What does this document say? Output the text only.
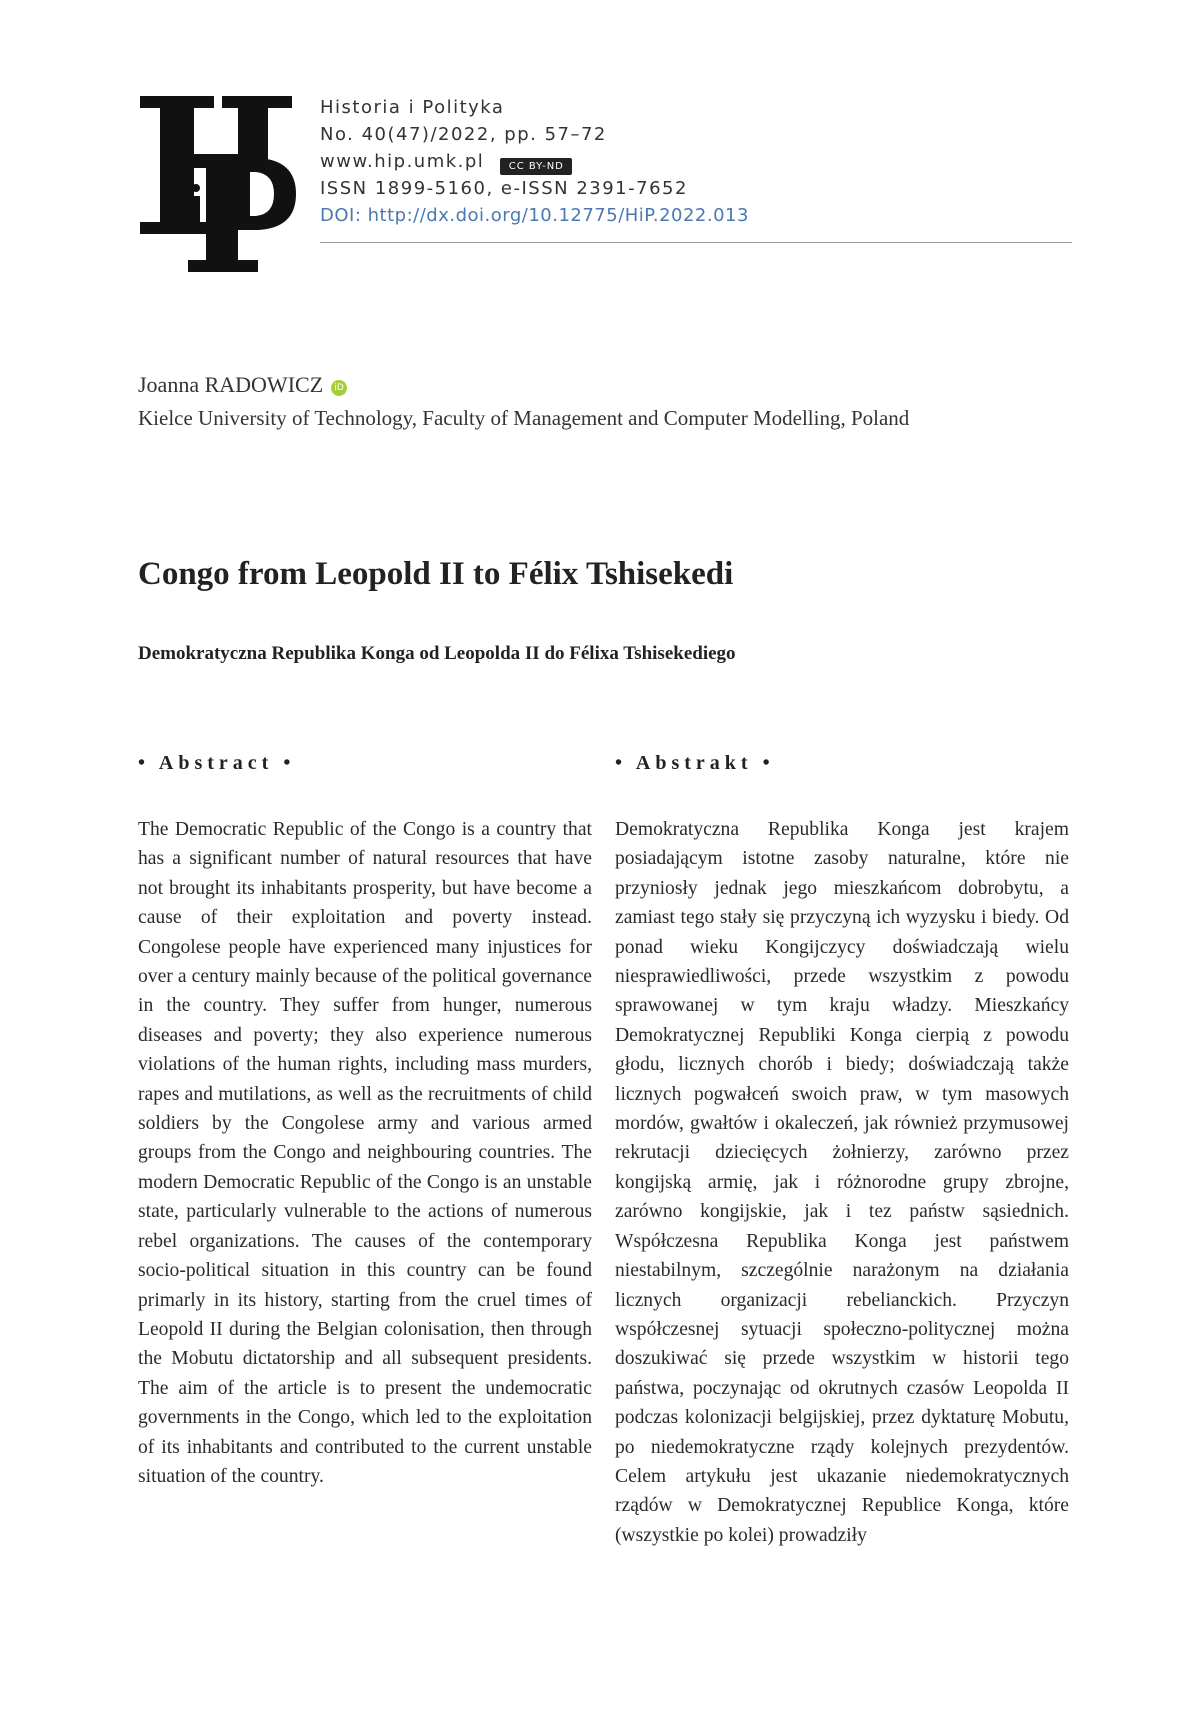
Historia i Polityka
No. 40(47)/2022, pp. 57–72
www.hip.umk.pl CC BY-ND
ISSN 1899-5160, e-ISSN 2391-7652
DOI: http://dx.doi.org/10.12775/HiP.2022.013
Joanna RADOWICZ iD
Kielce University of Technology, Faculty of Management and Computer Modelling, Poland
Congo from Leopold II to Félix Tshisekedi
Demokratyczna Republika Konga od Leopolda II do Félixa Tshisekediego
• Abstract •

The Democratic Republic of the Congo is a country that has a significant number of natural resources that have not brought its inhabitants prosperity, but have become a cause of their exploitation and poverty instead. Congolese people have experienced many injustices for over a century mainly because of the political governance in the country. They suffer from hunger, numerous diseases and poverty; they also experience numerous violations of the human rights, including mass murders, rapes and mutilations, as well as the recruitments of child soldiers by the Congolese army and various armed groups from the Congo and neighbouring countries. The modern Democratic Republic of the Congo is an unstable state, particularly vulnerable to the actions of numerous rebel organizations. The causes of the contemporary socio-political situation in this country can be found primarly in its history, starting from the cruel times of Leopold II during the Belgian colonisation, then through the Mobutu dictatorship and all subsequent presidents. The aim of the article is to present the undemocratic governments in the Congo, which led to the exploitation of its inhabitants and contributed to the current unstable situation of the country.

• Abstrakt •

Demokratyczna Republika Konga jest krajem posiadającym istotne zasoby naturalne, które nie przyniosły jednak jego mieszkańcom dobrobytu, a zamiast tego stały się przyczyną ich wyzysku i biedy. Od ponad wieku Kongijczycy doświadczają wielu niesprawiedliwości, przede wszystkim z powodu sprawowanej w tym kraju władzy. Mieszkańcy Demokratycznej Republiki Konga cierpią z powodu głodu, licznych chorób i biedy; doświadczają także licznych pogwałceń swoich praw, w tym masowych mordów, gwałtów i okaleczeń, jak również przymusowej rekrutacji dziecięcych żołnierzy, zarówno przez kongijską armię, jak i różnorodne grupy zbrojne, zarówno kongijskie, jak i tez państw sąsiednich. Współczesna Republika Konga jest państwem niestabilnym, szczególnie narażonym na działania licznych organizacji rebelianckich. Przyczyn współczesnej sytuacji społeczno-politycznej można doszukiwać się przede wszystkim w historii tego państwa, poczynając od okrutnych czasów Leopolda II podczas kolonizacji belgijskiej, przez dyktaturę Mobutu, po niedemokratyczne rządy kolejnych prezydentów. Celem artykułu jest ukazanie niedemokratycznych rządów w Demokratycznej Republice Konga, które (wszystkie po kolei) prowadziły
